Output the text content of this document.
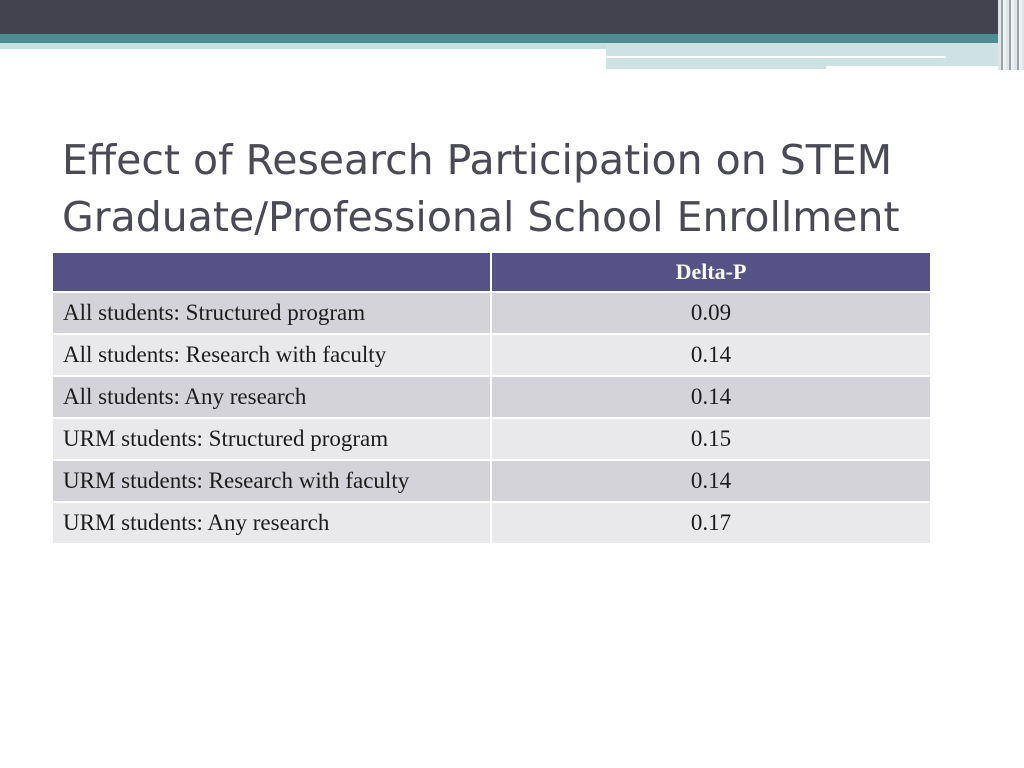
Effect of Research Participation on STEM
Graduate/Professional School Enrollment
	Delta-P
All students: Structured program	0.09
All students: Research with faculty	0.14
All students: Any research	0.14
URM students: Structured program	0.15
URM students: Research with faculty	0.14
URM students: Any research	0.17
